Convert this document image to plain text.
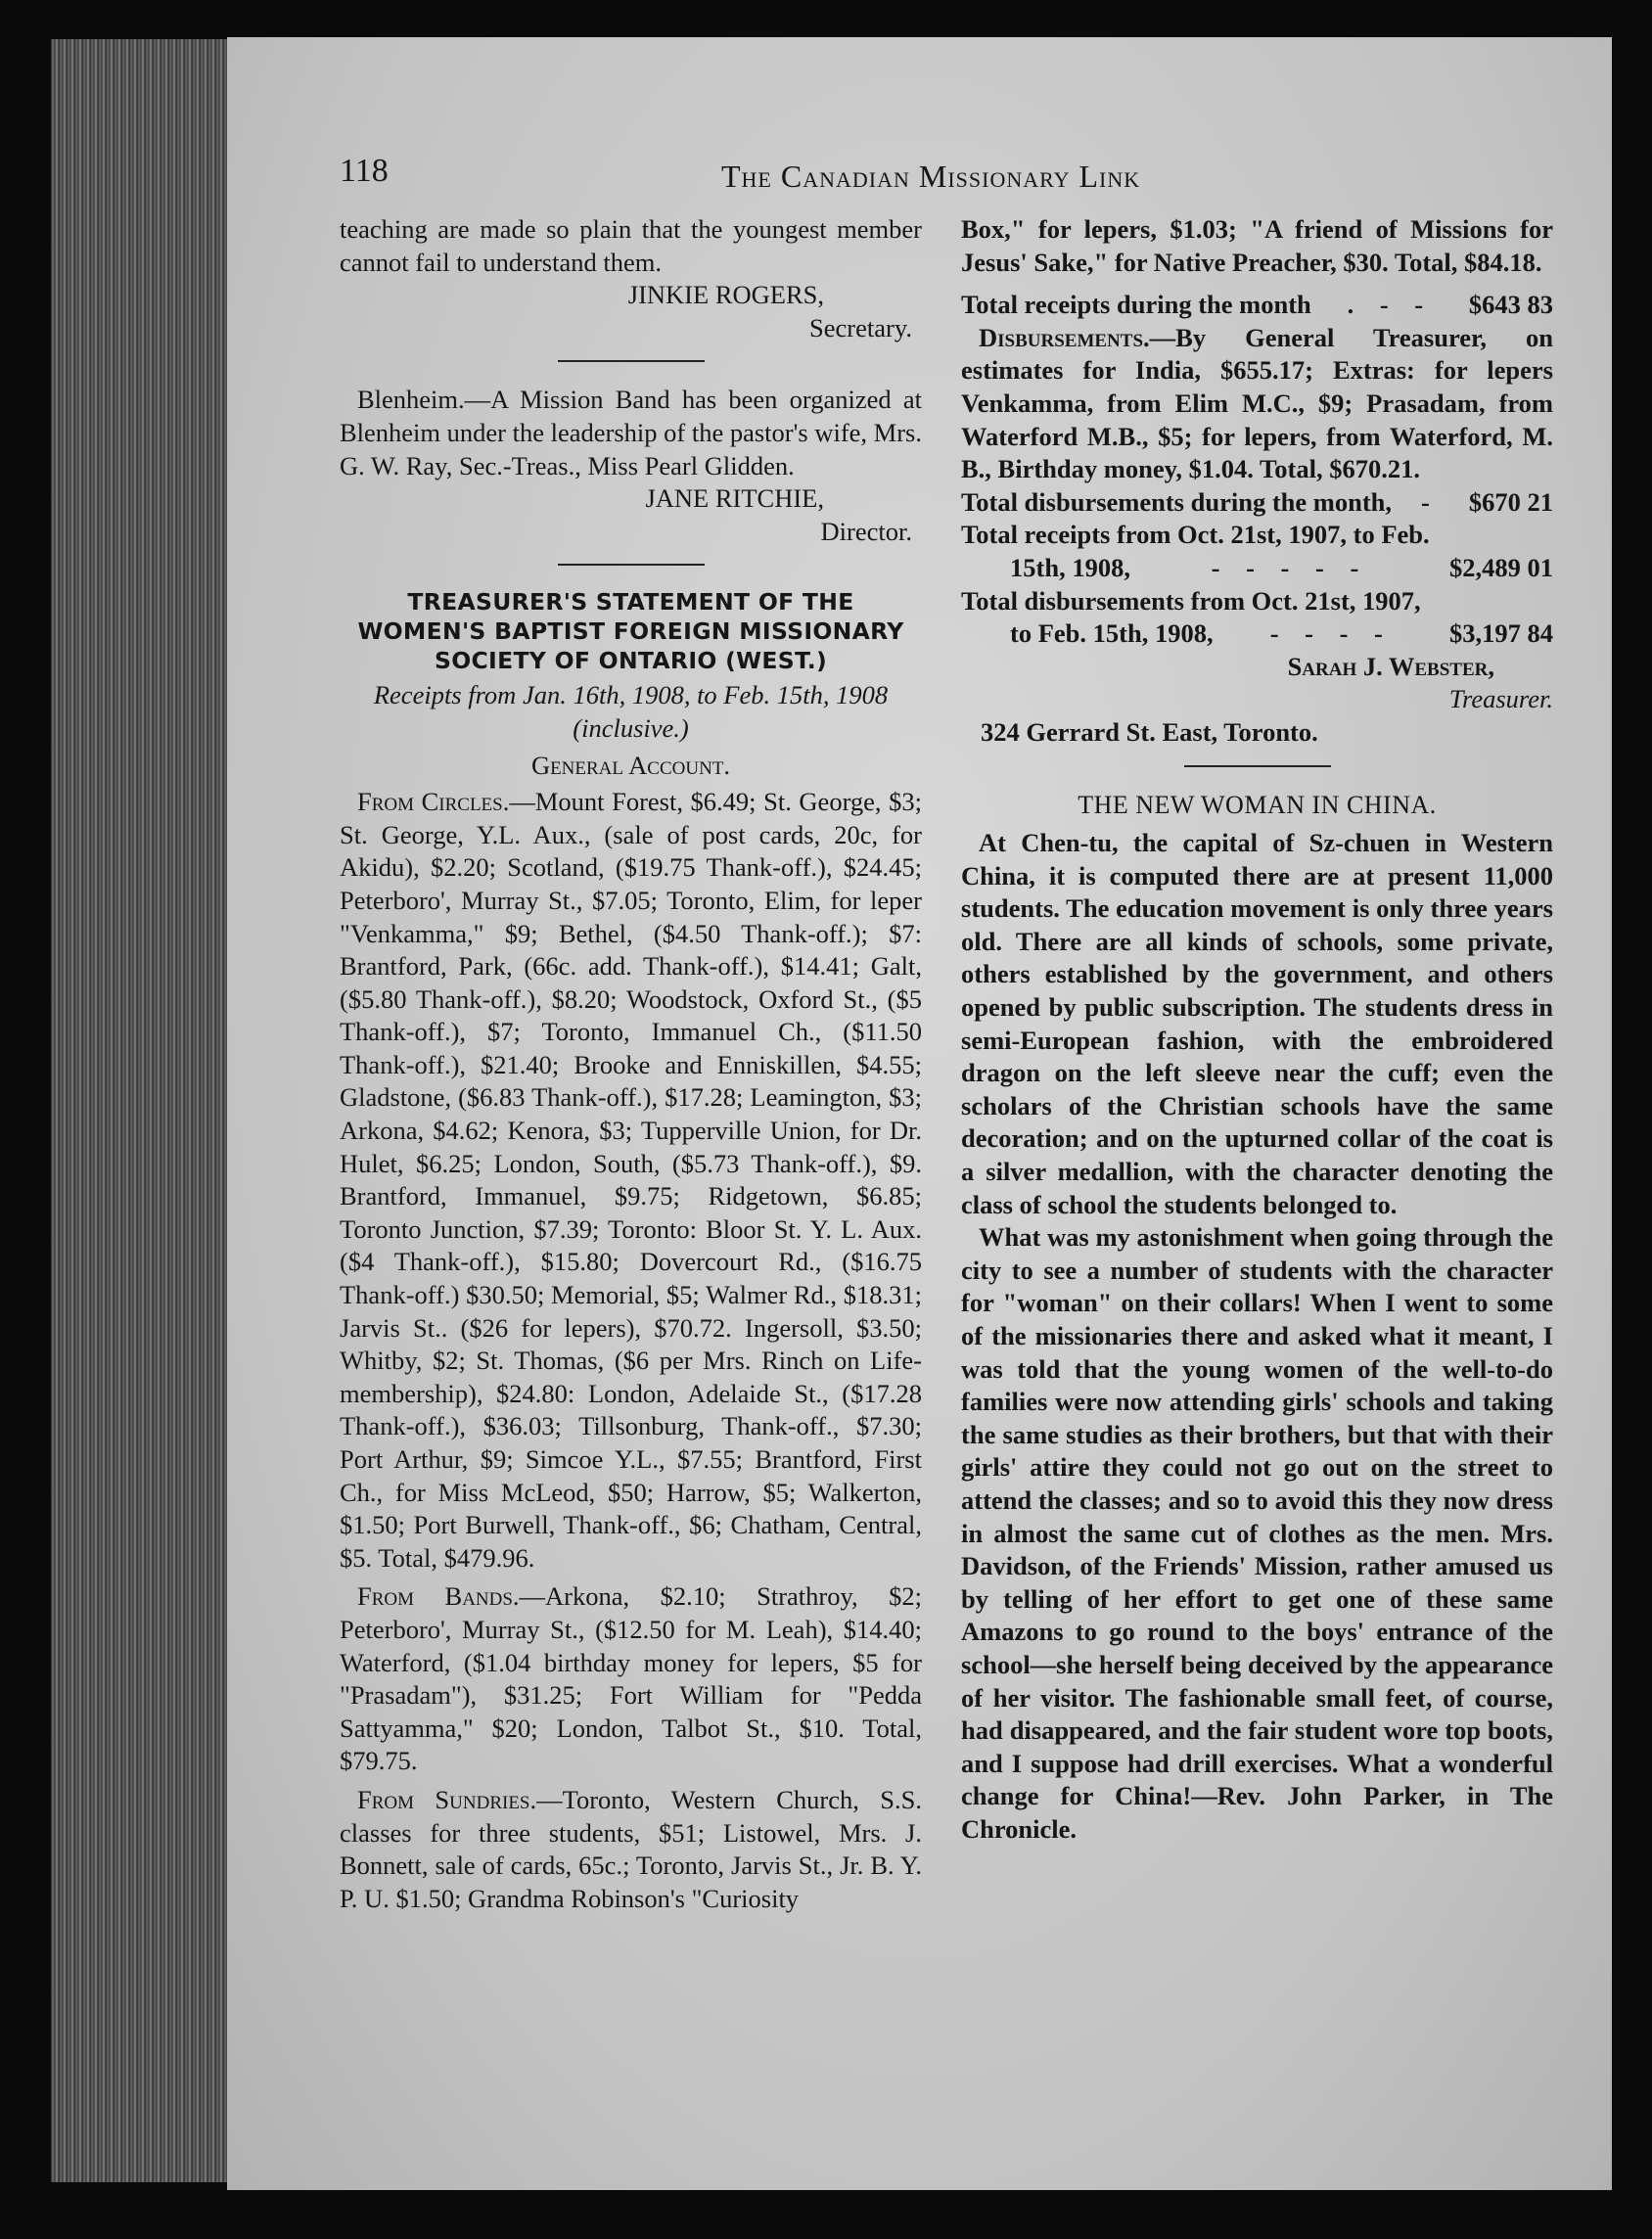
118	The Canadian Missionary Link

teaching are made so plain that the youngest member cannot fail to understand them.

JINKIE ROGERS,

Secretary.

Blenheim.—A Mission Band has been organized at Blenheim under the leadership of the pastor's wife, Mrs. G. W. Ray, Sec.-Treas., Miss Pearl Glidden.

JANE RITCHIE,

Director.

TREASURER'S STATEMENT OF THE WOMEN'S BAPTIST FOREIGN MISSIONARY SOCIETY OF ONTARIO (WEST.)
Receipts from Jan. 16th, 1908, to Feb. 15th, 1908 (inclusive.)
General Account.

From Circles.—Mount Forest, $6.49; St. George, $3; St. George, Y.L. Aux., (sale of post cards, 20c, for Akidu), $2.20; Scotland, ($19.75 Thank-off.), $24.45; Peterboro', Murray St., $7.05; Toronto, Elim, for leper "Venkamma," $9; Bethel, ($4.50 Thank-off.); $7: Brantford, Park, (66c. add. Thank-off.), $14.41; Galt, ($5.80 Thank-off.), $8.20; Woodstock, Oxford St., ($5 Thank-off.), $7; Toronto, Immanuel Ch., ($11.50 Thank-off.), $21.40; Brooke and Enniskillen, $4.55; Gladstone, ($6.83 Thank-off.), $17.28; Leamington, $3; Arkona, $4.62; Kenora, $3; Tupperville Union, for Dr. Hulet, $6.25; London, South, ($5.73 Thank-off.), $9. Brantford, Immanuel, $9.75; Ridgetown, $6.85; Toronto Junction, $7.39; Toronto: Bloor St. Y. L. Aux. ($4 Thank-off.), $15.80; Dovercourt Rd., ($16.75 Thank-off.) $30.50; Memorial, $5; Walmer Rd., $18.31; Jarvis St.. ($26 for lepers), $70.72. Ingersoll, $3.50; Whitby, $2; St. Thomas, ($6 per Mrs. Rinch on Life-membership), $24.80: London, Adelaide St., ($17.28 Thank-off.), $36.03; Tillsonburg, Thank-off., $7.30; Port Arthur, $9; Simcoe Y.L., $7.55; Brantford, First Ch., for Miss McLeod, $50; Harrow, $5; Walkerton, $1.50; Port Burwell, Thank-off., $6; Chatham, Central, $5. Total, $479.96.

From Bands.—Arkona, $2.10; Strathroy, $2; Peterboro', Murray St., ($12.50 for M. Leah), $14.40; Waterford, ($1.04 birthday money for lepers, $5 for "Prasadam"), $31.25; Fort William for "Pedda Sattyamma," $20; London, Talbot St., $10. Total, $79.75.

From Sundries.—Toronto, Western Church, S.S. classes for three students, $51; Listowel, Mrs. J. Bonnett, sale of cards, 65c.; Toronto, Jarvis St., Jr. B. Y. P. U. $1.50; Grandma Robinson's "Curiosity

Box," for lepers, $1.03; "A friend of Missions for Jesus' Sake," for Native Preacher, $30. Total, $84.18.

Total receipts during the month . - - $643 83

Disbursements.—By General Treasurer, on estimates for India, $655.17; Extras: for lepers Venkamma, from Elim M.C., $9; Prasadam, from Waterford M.B., $5; for lepers, from Waterford, M. B., Birthday money, $1.04. Total, $670.21.

Total disbursements during the month, - $670 21
Total receipts from Oct. 21st, 1907, to Feb.
15th, 1908,	- - - - -	$2,489 01
Total disbursements from Oct. 21st, 1907,
to Feb. 15th, 1908, - - - - $3,197 84

Sarah J. Webster,

Treasurer.

324 Gerrard St. East, Toronto.

THE NEW WOMAN IN CHINA.

At Chen-tu, the capital of Sz-chuen in Western China, it is computed there are at present 11,000 students. The education movement is only three years old. There are all kinds of schools, some private, others established by the government, and others opened by public subscription. The students dress in semi-European fashion, with the embroidered dragon on the left sleeve near the cuff; even the scholars of the Christian schools have the same decoration; and on the upturned collar of the coat is a silver medallion, with the character denoting the class of school the students belonged to.

What was my astonishment when going through the city to see a number of students with the character for "woman" on their collars! When I went to some of the missionaries there and asked what it meant, I was told that the young women of the well-to-do families were now attending girls' schools and taking the same studies as their brothers, but that with their girls' attire they could not go out on the street to attend the classes; and so to avoid this they now dress in almost the same cut of clothes as the men. Mrs. Davidson, of the Friends' Mission, rather amused us by telling of her effort to get one of these same Amazons to go round to the boys' entrance of the school—she herself being deceived by the appearance of her visitor. The fashionable small feet, of course, had disappeared, and the fair student wore top boots, and I suppose had drill exercises. What a wonderful change for China!—Rev. John Parker, in The Chronicle.
